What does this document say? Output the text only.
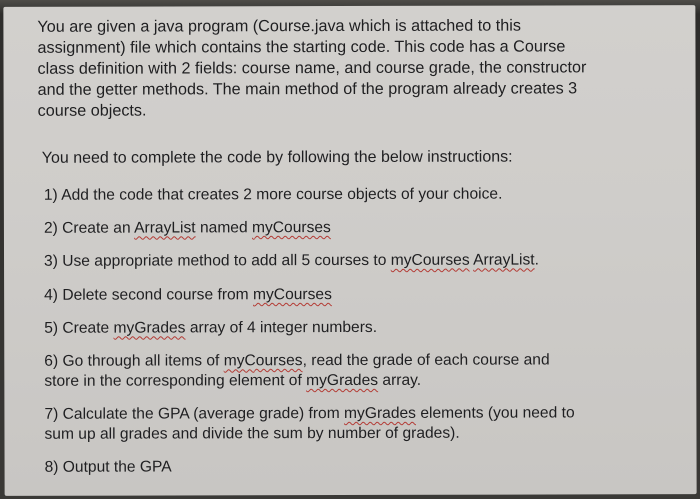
You are given a java program (Course.java which is attached to this
assignment) file which contains the starting code. This code has a Course
class definition with 2 fields: course name, and course grade, the constructor
and the getter methods. The main method of the program already creates 3
course objects.
You need to complete the code by following the below instructions:
1) Add the code that creates 2 more course objects of your choice.
2) Create an ArrayList named myCourses
3) Use appropriate method to add all 5 courses to myCourses ArrayList.
4) Delete second course from myCourses
5) Create myGrades array of 4 integer numbers.
6) Go through all items of myCourses, read the grade of each course and
store in the corresponding element of myGrades array.
7) Calculate the GPA (average grade) from myGrades elements (you need to
sum up all grades and divide the sum by number of grades).
8) Output the GPA
